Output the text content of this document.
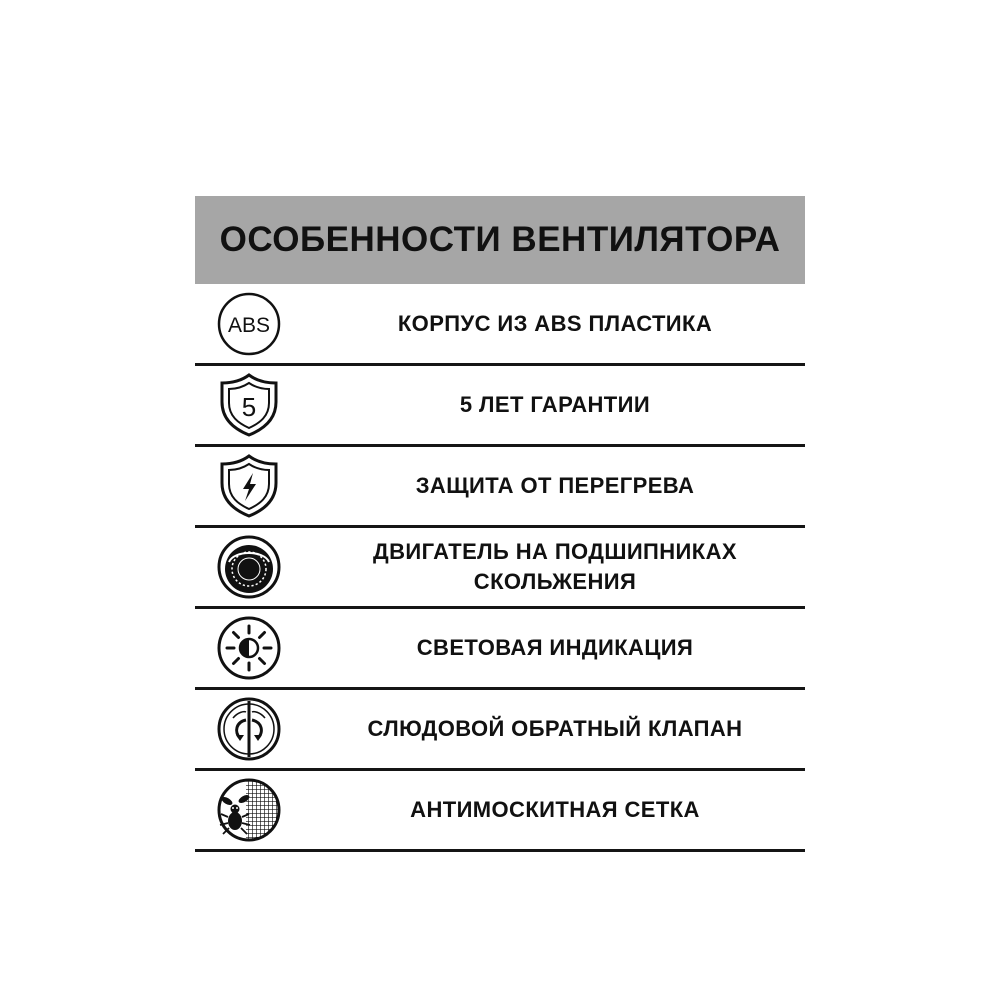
ОСОБЕННОСТИ ВЕНТИЛЯТОРА
ABS	КОРПУС ИЗ ABS ПЛАСТИКА
5	5 ЛЕТ ГАРАНТИИ
ЗАЩИТА ОТ ПЕРЕГРЕВА
ДВИГАТЕЛЬ НА ПОДШИПНИКАХ
СКОЛЬЖЕНИЯ
СВЕТОВАЯ ИНДИКАЦИЯ
СЛЮДОВОЙ ОБРАТНЫЙ КЛАПАН
АНТИМОСКИТНАЯ СЕТКА
